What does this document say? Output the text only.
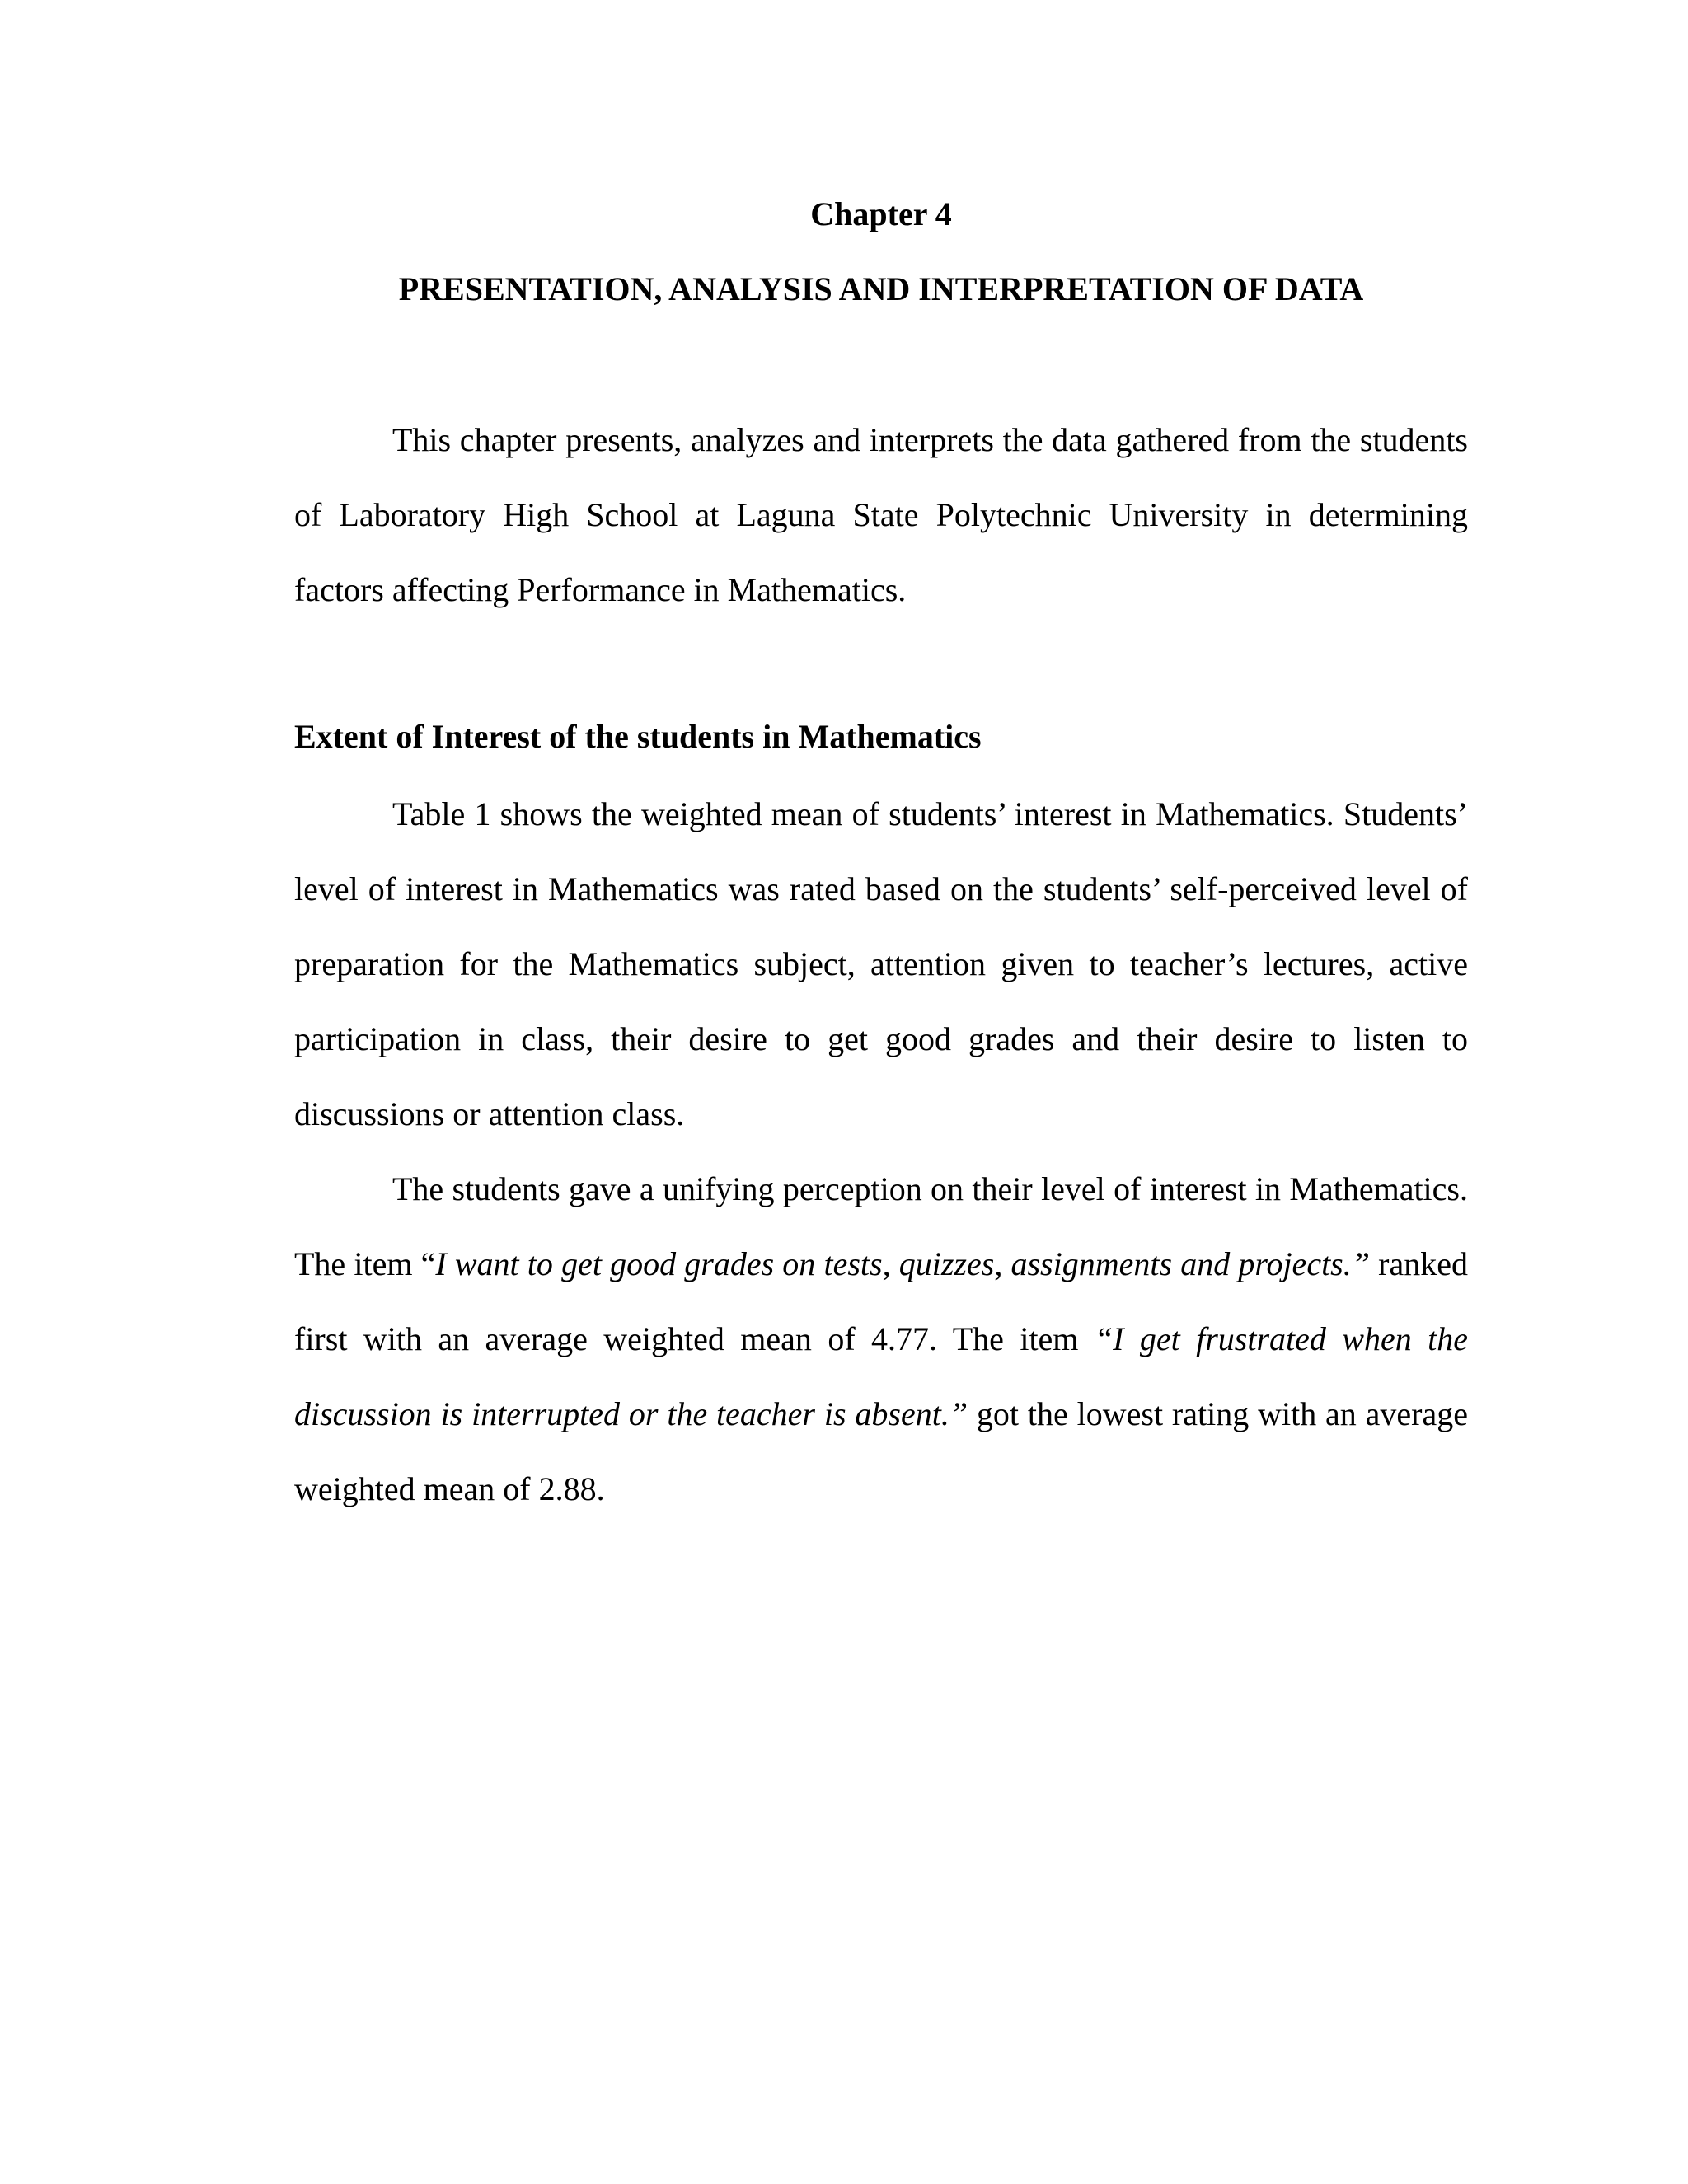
Chapter 4
PRESENTATION, ANALYSIS AND INTERPRETATION OF DATA

This chapter presents, analyzes and interprets the data gathered from the students of Laboratory High School at Laguna State Polytechnic University in determining factors affecting Performance in Mathematics.

Extent of Interest of the students in Mathematics

Table 1 shows the weighted mean of students’ interest in Mathematics. Students’ level of interest in Mathematics was rated based on the students’ self-perceived level of preparation for the Mathematics subject, attention given to teacher’s lectures, active participation in class, their desire to get good grades and their desire to listen to discussions or attention class.

The students gave a unifying perception on their level of interest in Mathematics. The item “I want to get good grades on tests, quizzes, assignments and projects.” ranked first with an average weighted mean of 4.77. The item “I get frustrated when the discussion is interrupted or the teacher is absent.” got the lowest rating with an average weighted mean of 2.88.
